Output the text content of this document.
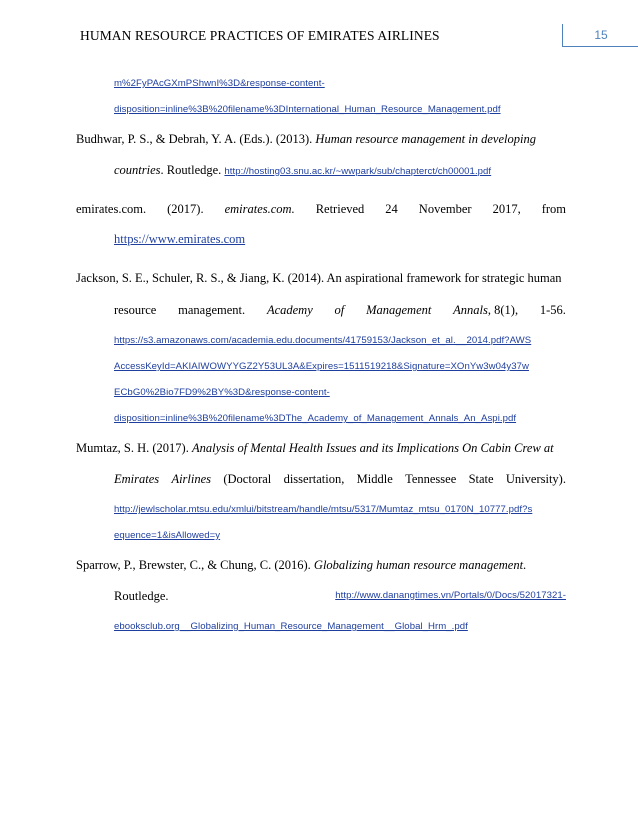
HUMAN RESOURCE PRACTICES OF EMIRATES AIRLINES	15
m%2FyPAcGXmPShwnI%3D&response-content-
disposition=inline%3B%20filename%3DInternational_Human_Resource_Management.pdf
Budhwar, P. S., & Debrah, Y. A. (Eds.). (2013). Human resource management in developing
countries. Routledge. http://hosting03.snu.ac.kr/~wwpark/sub/chapterct/ch00001.pdf
emirates.com. (2017). emirates.com. Retrieved 24 November 2017, from
https://www.emirates.com
Jackson, S. E., Schuler, R. S., & Jiang, K. (2014). An aspirational framework for strategic human
resource management. Academy of Management Annals, 8(1), 1-56.
https://s3.amazonaws.com/academia.edu.documents/41759153/Jackson_et_al.__2014.pdf?AWS
AccessKeyId=AKIAIWOWYYGZ2Y53UL3A&Expires=1511519218&Signature=XOnYw3w04y37w
ECbG0%2Bio7FD9%2BY%3D&response-content-
disposition=inline%3B%20filename%3DThe_Academy_of_Management_Annals_An_Aspi.pdf
Mumtaz, S. H. (2017). Analysis of Mental Health Issues and its Implications On Cabin Crew at
Emirates Airlines (Doctoral dissertation, Middle Tennessee State University).
http://jewlscholar.mtsu.edu/xmlui/bitstream/handle/mtsu/5317/Mumtaz_mtsu_0170N_10777.pdf?s
equence=1&isAllowed=y
Sparrow, P., Brewster, C., & Chung, C. (2016). Globalizing human resource management.
Routledge.	http://www.danangtimes.vn/Portals/0/Docs/52017321-
ebooksclub.org__Globalizing_Human_Resource_Management__Global_Hrm_.pdf
